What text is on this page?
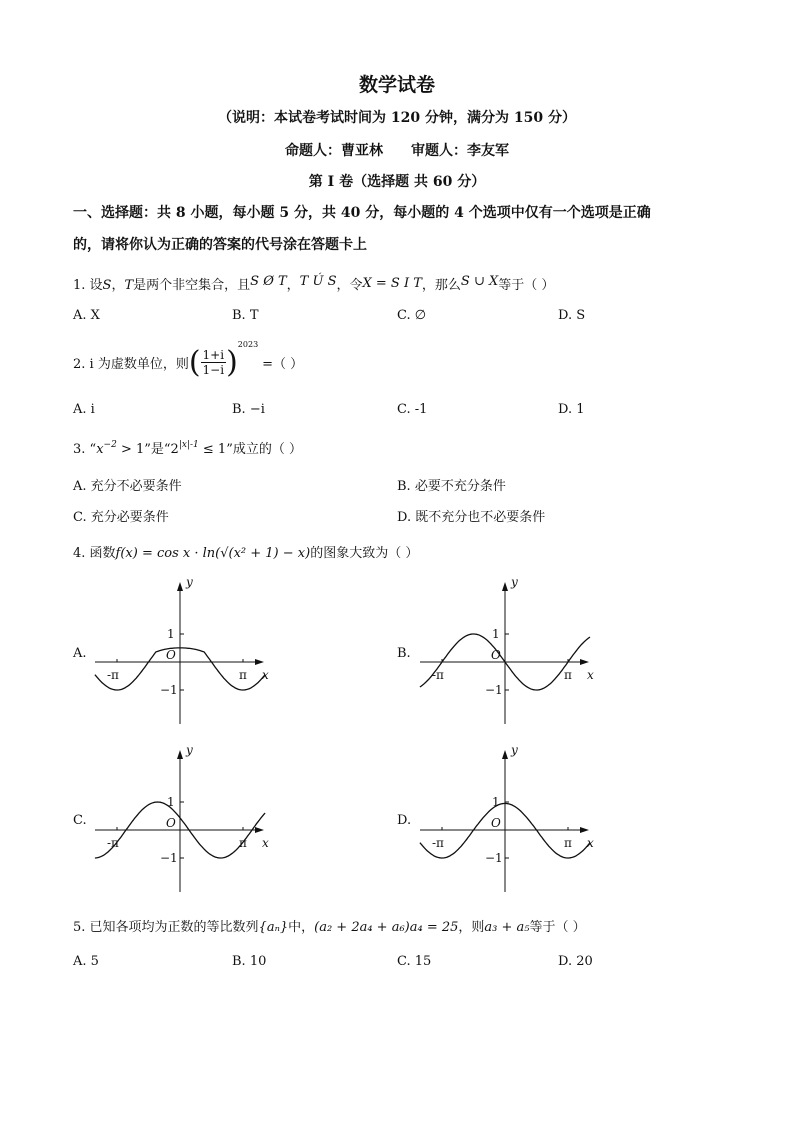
数学试卷
（说明：本试卷考试时间为 120 分钟，满分为 150 分）
命题人：曹亚林 审题人：李友军
第 I 卷（选择题 共 60 分）
一、选择题：共 8 小题，每小题 5 分，共 40 分，每小题的 4 个选项中仅有一个选项是正确
的，请将你认为正确的答案的代号涂在答题卡上
1. 设S，T是两个非空集合，且S Ø T，T Ú S，令X = S I T，那么S ∪ X等于（ ）
A. X	B. T	C. ∅	D. S
2. i 为虚数单位，则 ( $\frac{1+i}{1-i}$ ) 2023
=（ ）
A. i	B. −i	C. -1	D. 1
3. “$x^{-2} > 1$”是“$2^{|x|-1} \le 1$”成立的（ ）
A. 充分不必要条件	B. 必要不充分条件
C. 充分必要条件	D. 既不充分也不必要条件
4. 函数f(x) = cos x · ln(√(x² + 1) − x)的图象大致为（ ）
A.	B.
C.	D.
y
x
O
1
−1
-π	π
y
x
O
1
−1
-π	π
y
x
O
1
−1
-π	π
y
x
O
1
−1
-π	π
5. 已知各项均为正数的等比数列{aₙ}中，(a₂ + 2a₄ + a₆)a₄ = 25，则a₃ + a₅等于（ ）
A. 5	B. 10	C. 15	D. 20
